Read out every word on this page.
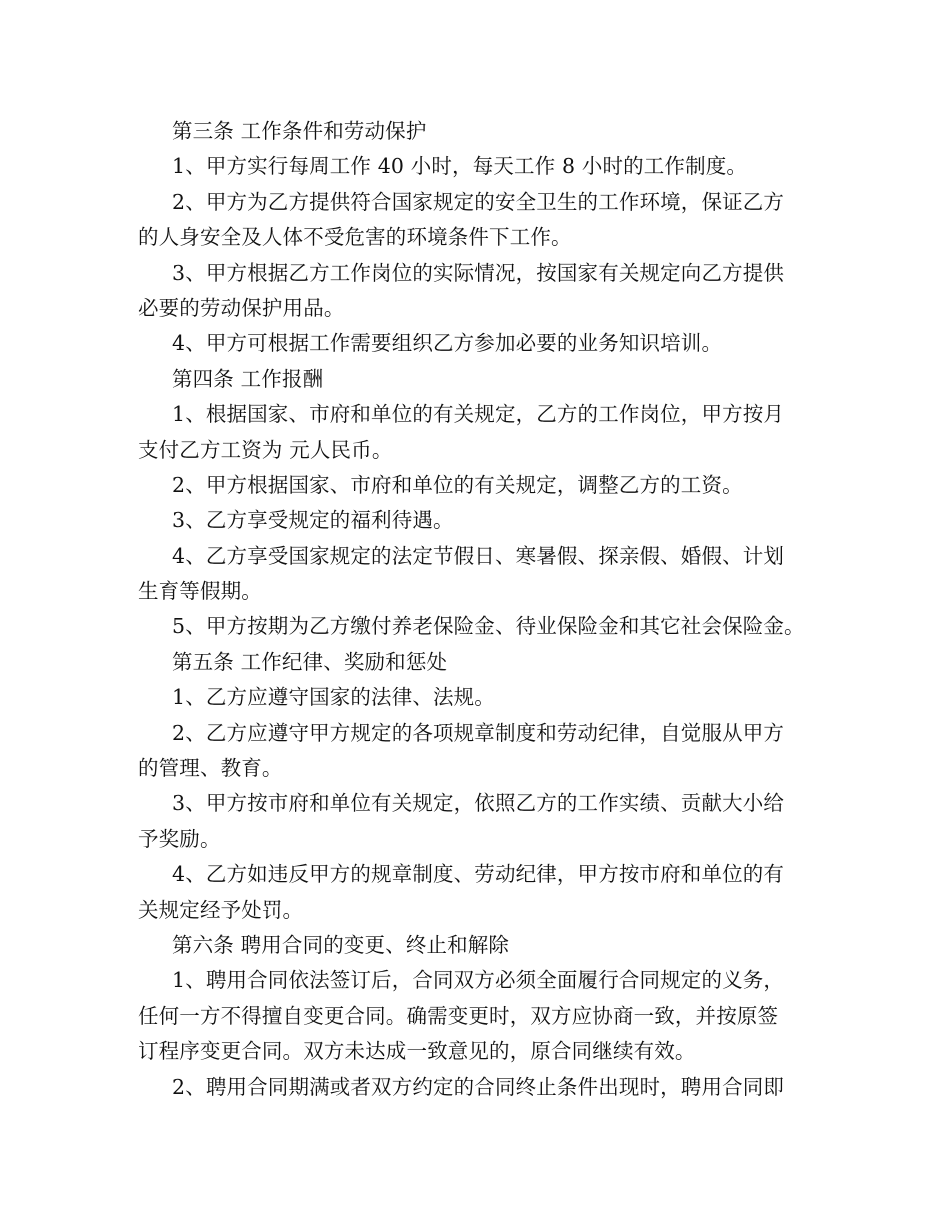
第三条 工作条件和劳动保护
1、甲方实行每周工作 40 小时，每天工作 8 小时的工作制度。
2、甲方为乙方提供符合国家规定的安全卫生的工作环境，保证乙方
的人身安全及人体不受危害的环境条件下工作。
3、甲方根据乙方工作岗位的实际情况，按国家有关规定向乙方提供
必要的劳动保护用品。
4、甲方可根据工作需要组织乙方参加必要的业务知识培训。
第四条 工作报酬
1、根据国家、市府和单位的有关规定，乙方的工作岗位，甲方按月
支付乙方工资为 元人民币。
2、甲方根据国家、市府和单位的有关规定，调整乙方的工资。
3、乙方享受规定的福利待遇。
4、乙方享受国家规定的法定节假日、寒暑假、探亲假、婚假、计划
生育等假期。
5、甲方按期为乙方缴付养老保险金、待业保险金和其它社会保险金。
第五条 工作纪律、奖励和惩处
1、乙方应遵守国家的法律、法规。
2、乙方应遵守甲方规定的各项规章制度和劳动纪律，自觉服从甲方
的管理、教育。
3、甲方按市府和单位有关规定，依照乙方的工作实绩、贡献大小给
予奖励。
4、乙方如违反甲方的规章制度、劳动纪律，甲方按市府和单位的有
关规定经予处罚。
第六条 聘用合同的变更、终止和解除
1、聘用合同依法签订后，合同双方必须全面履行合同规定的义务，
任何一方不得擅自变更合同。确需变更时，双方应协商一致，并按原签
订程序变更合同。双方未达成一致意见的，原合同继续有效。
2、聘用合同期满或者双方约定的合同终止条件出现时，聘用合同即
